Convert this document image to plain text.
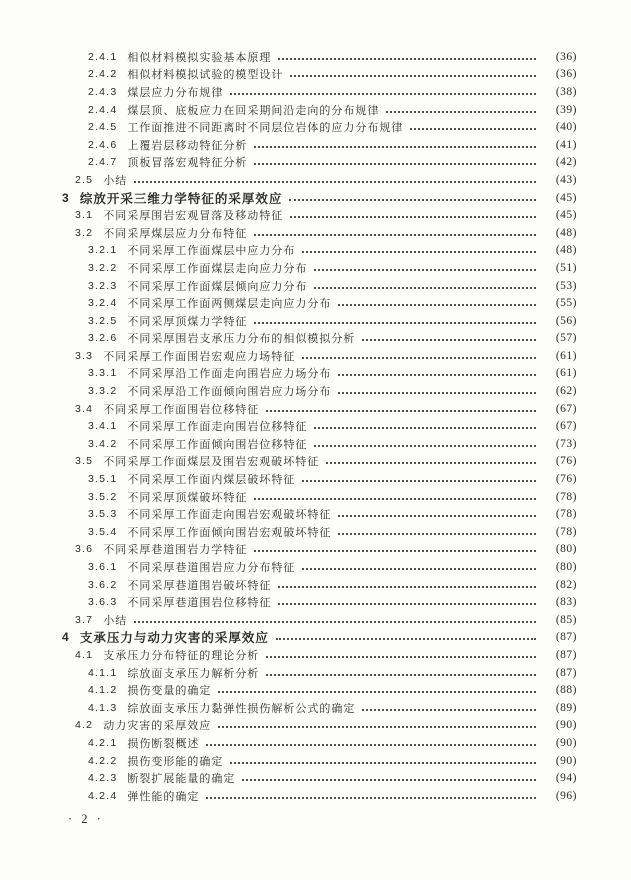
2.4.1 相似材料模拟实验基本原理	(36)
2.4.2 相似材料模拟试验的模型设计	(36)
2.4.3 煤层应力分布规律	(38)
2.4.4 煤层顶、底板应力在回采期间沿走向的分布规律	(39)
2.4.5 工作面推进不同距离时不同层位岩体的应力分布规律	(40)
2.4.6 上覆岩层移动特征分析	(41)
2.4.7 顶板冒落宏观特征分析	(42)
2.5 小结	(43)
3 综放开采三维力学特征的采厚效应	(45)
3.1 不同采厚围岩宏观冒落及移动特征	(45)
3.2 不同采厚煤层应力分布特征	(48)
3.2.1 不同采厚工作面煤层中应力分布	(48)
3.2.2 不同采厚工作面煤层走向应力分布	(51)
3.2.3 不同采厚工作面煤层倾向应力分布	(53)
3.2.4 不同采厚工作面两侧煤层走向应力分布	(55)
3.2.5 不同采厚顶煤力学特征	(56)
3.2.6 不同采厚围岩支承压力分布的相似模拟分析	(57)
3.3 不同采厚工作面围岩宏观应力场特征	(61)
3.3.1 不同采厚沿工作面走向围岩应力场分布	(61)
3.3.2 不同采厚沿工作面倾向围岩应力场分布	(62)
3.4 不同采厚工作面围岩位移特征	(67)
3.4.1 不同采厚工作面走向围岩位移特征	(67)
3.4.2 不同采厚工作面倾向围岩位移特征	(73)
3.5 不同采厚工作面煤层及围岩宏观破坏特征	(76)
3.5.1 不同采厚工作面内煤层破坏特征	(76)
3.5.2 不同采厚顶煤破坏特征	(78)
3.5.3 不同采厚工作面走向围岩宏观破坏特征	(78)
3.5.4 不同采厚工作面倾向围岩宏观破坏特征	(78)
3.6 不同采厚巷道围岩力学特征	(80)
3.6.1 不同采厚巷道围岩应力分布特征	(80)
3.6.2 不同采厚巷道围岩破坏特征	(82)
3.6.3 不同采厚巷道围岩位移特征	(83)
3.7 小结	(85)
4 支承压力与动力灾害的采厚效应	(87)
4.1 支承压力分布特征的理论分析	(87)
4.1.1 综放面支承压力解析分析	(87)
4.1.2 损伤变量的确定	(88)
4.1.3 综放面支承压力黏弹性损伤解析公式的确定	(89)
4.2 动力灾害的采厚效应	(90)
4.2.1 损伤断裂概述	(90)
4.2.2 损伤变形能的确定	(90)
4.2.3 断裂扩展能量的确定	(94)
4.2.4 弹性能的确定	(96)
· 2 ·
